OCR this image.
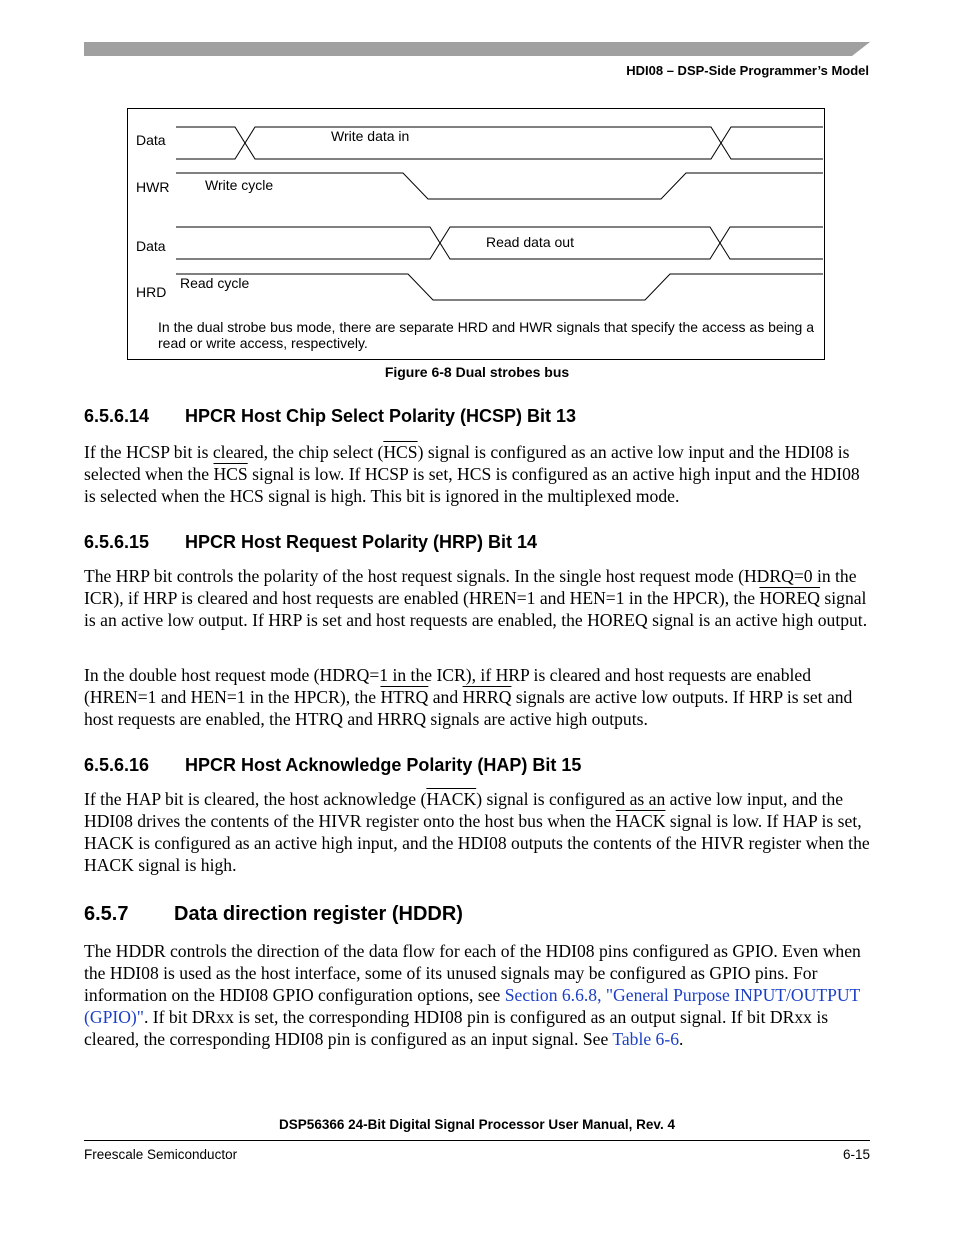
HDI08 – DSP-Side Programmer’s Model
Data	Write data in
HWR	Write cycle
Data	Read data out
HRD
Read cycle
In the dual strobe bus mode, there are separate HRD and HWR signals that specify the access as being a read or write access, respectively.
Figure 6-8 Dual strobes bus
6.5.6.14 HPCR Host Chip Select Polarity (HCSP) Bit 13
If the HCSP bit is cleared, the chip select $(\overline{HCS})$ signal is configured as an active low input and the HDI08 is selected when the $\overline{HCS}$ signal is low. If HCSP is set, HCS is configured as an active high input and the HDI08 is selected when the HCS signal is high. This bit is ignored in the multiplexed mode.
6.5.6.15 HPCR Host Request Polarity (HRP) Bit 14
The HRP bit controls the polarity of the host request signals. In the single host request mode (HDRQ=0 in the ICR), if HRP is cleared and host requests are enabled (HREN=1 and HEN=1 in the HPCR), the HOREQ signal is an active low output. If HRP is set and host requests are enabled, the HOREQ signal is an active high output.
In the double host request mode (HDRQ=1 in the ICR), if HRP is cleared and host requests are enabled (HREN=1 and HEN=1 in the HPCR), the HTRQ and HRRQ signals are active low outputs. If HRP is set and host requests are enabled, the HTRQ and HRRQ signals are active high outputs.
6.5.6.16 HPCR Host Acknowledge Polarity (HAP) Bit 15
If the HAP bit is cleared, the host acknowledge (HACK) signal is configured as an active low input, and the HDI08 drives the contents of the HIVR register onto the host bus when the HACK signal is low. If HAP is set, HACK is configured as an active high input, and the HDI08 outputs the contents of the HIVR register when the HACK signal is high.
6.5.7 Data direction register (HDDR)
The HDDR controls the direction of the data flow for each of the HDI08 pins configured as GPIO. Even when the HDI08 is used as the host interface, some of its unused signals may be configured as GPIO pins. For information on the HDI08 GPIO configuration options, see Section 6.6.8, "General Purpose INPUT/OUTPUT (GPIO)". If bit DRxx is set, the corresponding HDI08 pin is configured as an output signal. If bit DRxx is cleared, the corresponding HDI08 pin is configured as an input signal. See Table 6-6.
DSP56366 24-Bit Digital Signal Processor User Manual, Rev. 4
Freescale Semiconductor	6-15
